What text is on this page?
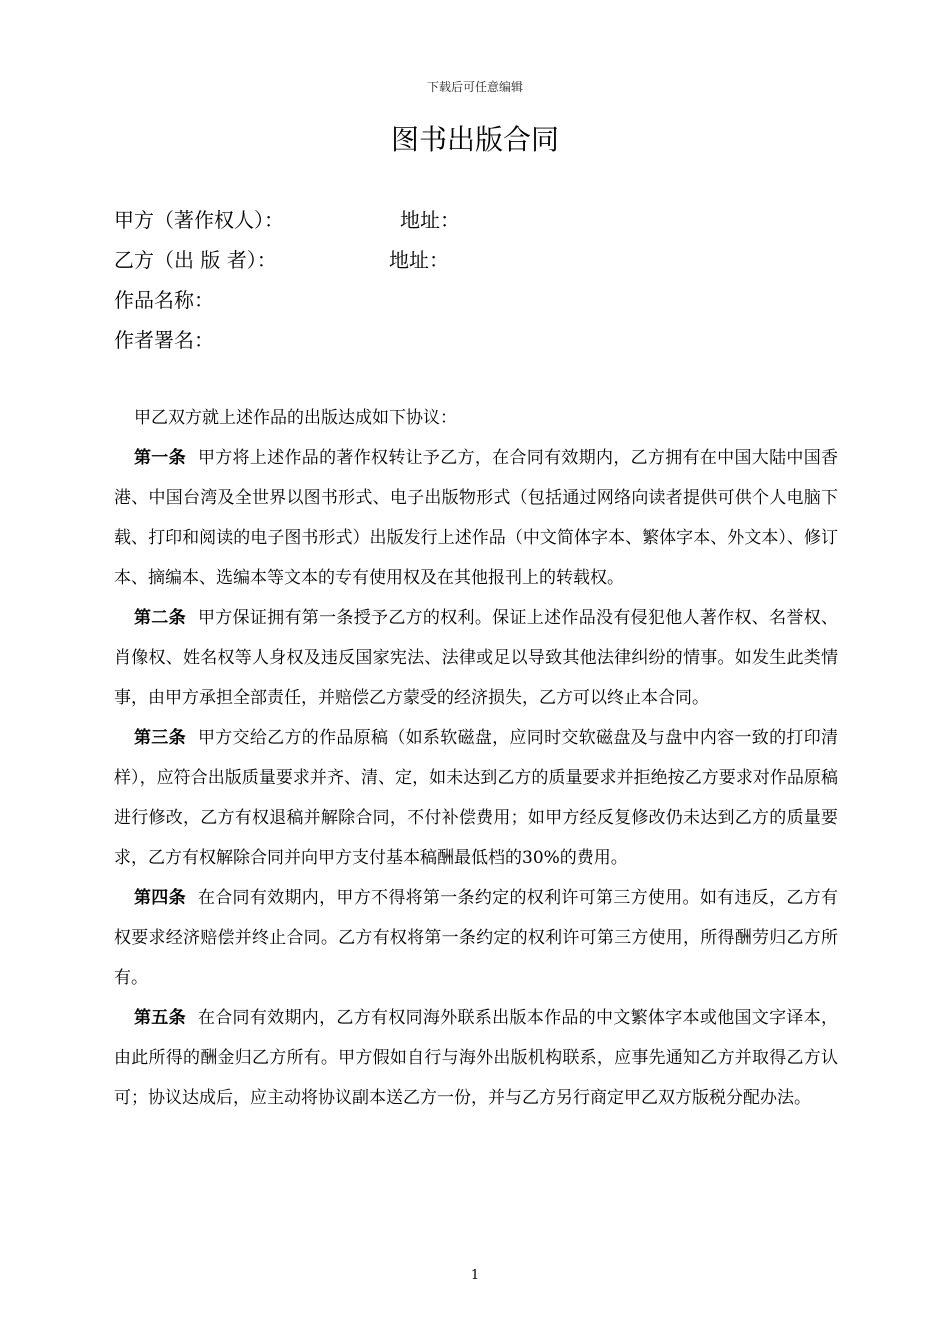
下载后可任意编辑
图书出版合同
甲方（著作权人）：	地址：
乙方（出 版 者）：	地址：
作品名称：
作者署名：

甲乙双方就上述作品的出版达成如下协议：

第一条 甲方将上述作品的著作权转让予乙方，在合同有效期内，乙方拥有在中国大陆中国香港、中国台湾及全世界以图书形式、电子出版物形式（包括通过网络向读者提供可供个人电脑下载、打印和阅读的电子图书形式）出版发行上述作品（中文简体字本、繁体字本、外文本）、修订本、摘编本、选编本等文本的专有使用权及在其他报刊上的转载权。

第二条 甲方保证拥有第一条授予乙方的权利。保证上述作品没有侵犯他人著作权、名誉权、肖像权、姓名权等人身权及违反国家宪法、法律或足以导致其他法律纠纷的情事。如发生此类情事，由甲方承担全部责任，并赔偿乙方蒙受的经济损失，乙方可以终止本合同。

第三条 甲方交给乙方的作品原稿（如系软磁盘，应同时交软磁盘及与盘中内容一致的打印清样），应符合出版质量要求并齐、清、定，如未达到乙方的质量要求并拒绝按乙方要求对作品原稿进行修改，乙方有权退稿并解除合同，不付补偿费用；如甲方经反复修改仍未达到乙方的质量要求，乙方有权解除合同并向甲方支付基本稿酬最低档的30%的费用。

第四条 在合同有效期内，甲方不得将第一条约定的权利许可第三方使用。如有违反，乙方有权要求经济赔偿并终止合同。乙方有权将第一条约定的权利许可第三方使用，所得酬劳归乙方所有。

第五条 在合同有效期内，乙方有权同海外联系出版本作品的中文繁体字本或他国文字译本，由此所得的酬金归乙方所有。甲方假如自行与海外出版机构联系，应事先通知乙方并取得乙方认可；协议达成后，应主动将协议副本送乙方一份，并与乙方另行商定甲乙双方版税分配办法。

1
